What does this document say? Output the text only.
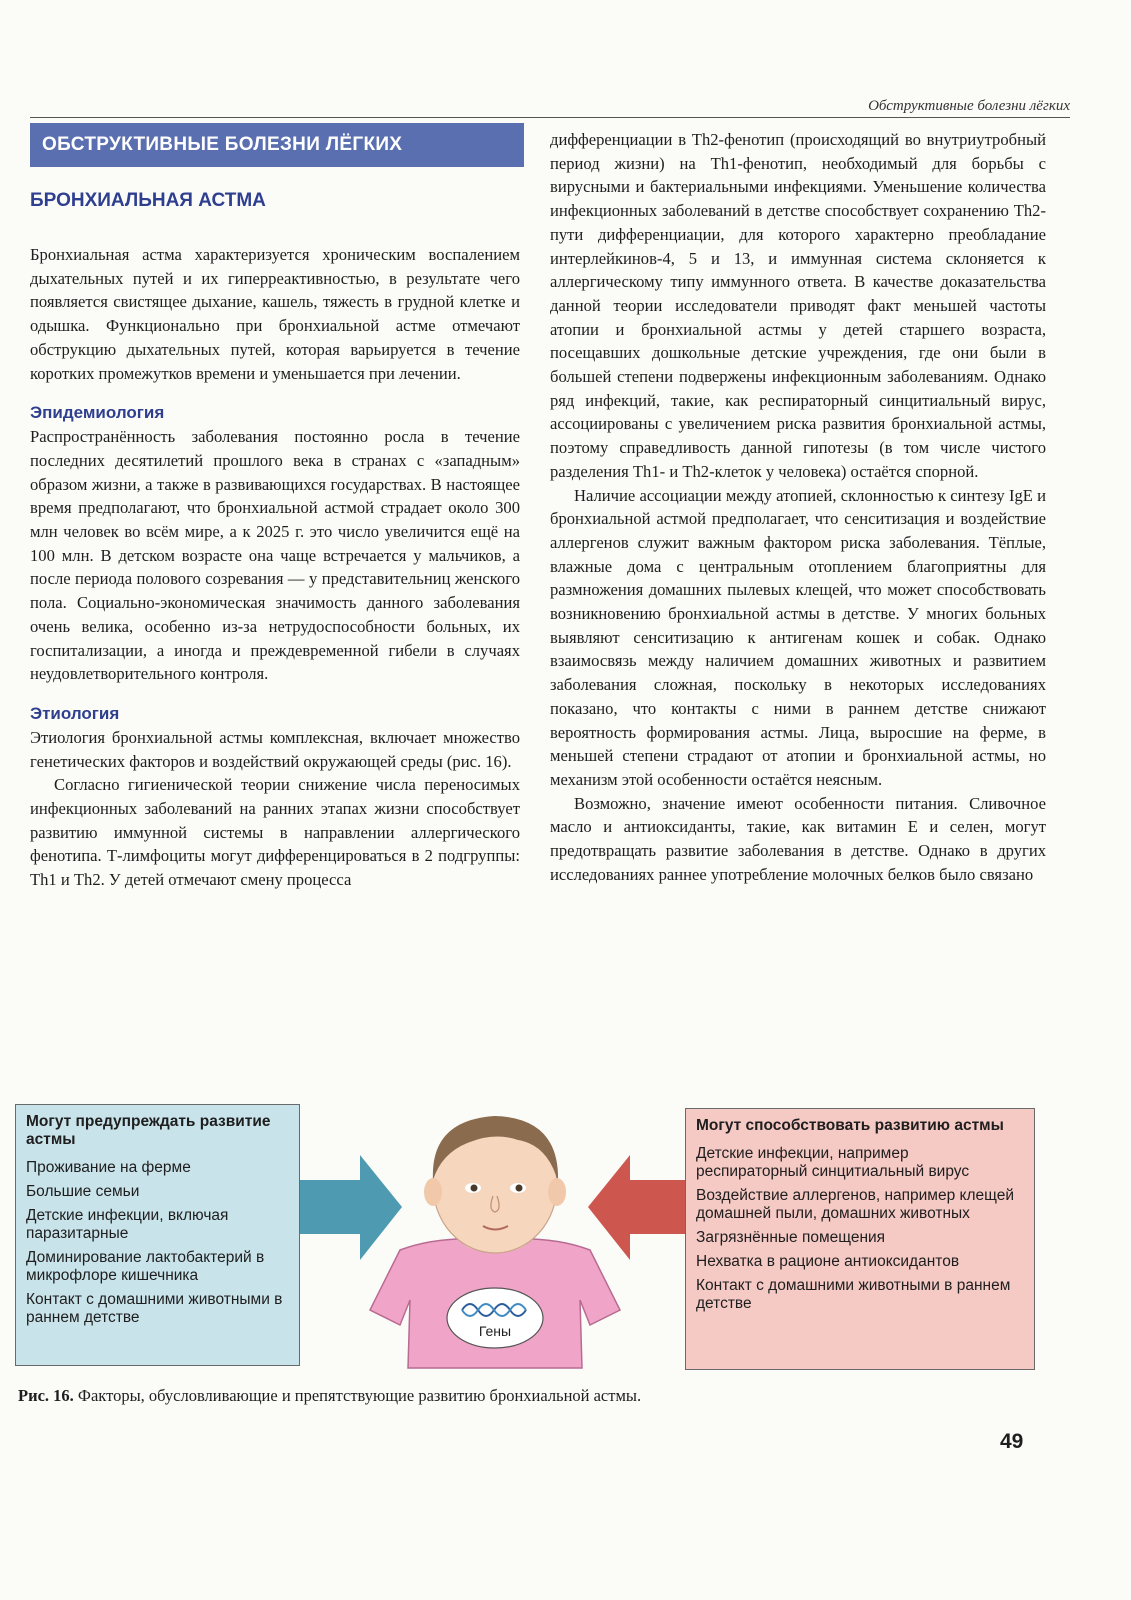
Обструктивные болезни лёгких
ОБСТРУКТИВНЫЕ БОЛЕЗНИ ЛЁГКИХ
БРОНХИАЛЬНАЯ АСТМА

Бронхиальная астма характеризуется хроническим воспалением дыхательных путей и их гиперреактивностью, в результате чего появляется свистящее дыхание, кашель, тяжесть в грудной клетке и одышка. Функционально при бронхиальной астме отмечают обструкцию дыхательных путей, которая варьируется в течение коротких промежутков времени и уменьшается при лечении.

Эпидемиология

Распространённость заболевания постоянно росла в течение последних десятилетий прошлого века в странах с «западным» образом жизни, а также в развивающихся государствах. В настоящее время предполагают, что бронхиальной астмой страдает около 300 млн человек во всём мире, а к 2025 г. это число увеличится ещё на 100 млн. В детском возрасте она чаще встречается у мальчиков, а после периода полового созревания — у представительниц женского пола. Социально-экономическая значимость данного заболевания очень велика, особенно из-за нетрудоспособности больных, их госпитализации, а иногда и преждевременной гибели в случаях неудовлетворительного контроля.

Этиология

Этиология бронхиальной астмы комплексная, включает множество генетических факторов и воздействий окружающей среды (рис. 16).

Согласно гигиенической теории снижение числа переносимых инфекционных заболеваний на ранних этапах жизни способствует развитию иммунной системы в направлении аллергического фенотипа. Т-лимфоциты могут дифференцироваться в 2 подгруппы: Th1 и Th2. У детей отмечают смену процесса

дифференциации в Th2-фенотип (происходящий во внутриутробный период жизни) на Th1-фенотип, необходимый для борьбы с вирусными и бактериальными инфекциями. Уменьшение количества инфекционных заболеваний в детстве способствует сохранению Th2-пути дифференциации, для которого характерно преобладание интерлейкинов-4, 5 и 13, и иммунная система склоняется к аллергическому типу иммунного ответа. В качестве доказательства данной теории исследователи приводят факт меньшей частоты атопии и бронхиальной астмы у детей старшего возраста, посещавших дошкольные детские учреждения, где они были в большей степени подвержены инфекционным заболеваниям. Однако ряд инфекций, такие, как респираторный синцитиальный вирус, ассоциированы с увеличением риска развития бронхиальной астмы, поэтому справедливость данной гипотезы (в том числе чистого разделения Th1- и Th2-клеток у человека) остаётся спорной.

Наличие ассоциации между атопией, склонностью к синтезу IgE и бронхиальной астмой предполагает, что сенситизация и воздействие аллергенов служит важным фактором риска заболевания. Тёплые, влажные дома с центральным отоплением благоприятны для размножения домашних пылевых клещей, что может способствовать возникновению бронхиальной астмы в детстве. У многих больных выявляют сенситизацию к антигенам кошек и собак. Однако взаимосвязь между наличием домашних животных и развитием заболевания сложная, поскольку в некоторых исследованиях показано, что контакты с ними в раннем детстве снижают вероятность формирования астмы. Лица, выросшие на ферме, в меньшей степени страдают от атопии и бронхиальной астмы, но механизм этой особенности остаётся неясным.

Возможно, значение имеют особенности питания. Сливочное масло и антиоксиданты, такие, как витамин Е и селен, могут предотвращать развитие заболевания в детстве. Однако в других исследованиях раннее употребление молочных белков было связано

Могут предупреждать развитие астмы
Проживание на ферме
Большие семьи
Детские инфекции, включая паразитарные
Доминирование лактобактерий в микрофлоре кишечника
Контакт с домашними животными в раннем детстве
Гены
Могут способствовать развитию астмы
Детские инфекции, например респираторный синцитиальный вирус
Воздействие аллергенов, например клещей домашней пыли, домашних животных
Загрязнённые помещения
Нехватка в рационе антиоксидантов
Контакт с домашними животными в раннем детстве
Рис. 16. Факторы, обусловливающие и препятствующие развитию бронхиальной астмы.
49
